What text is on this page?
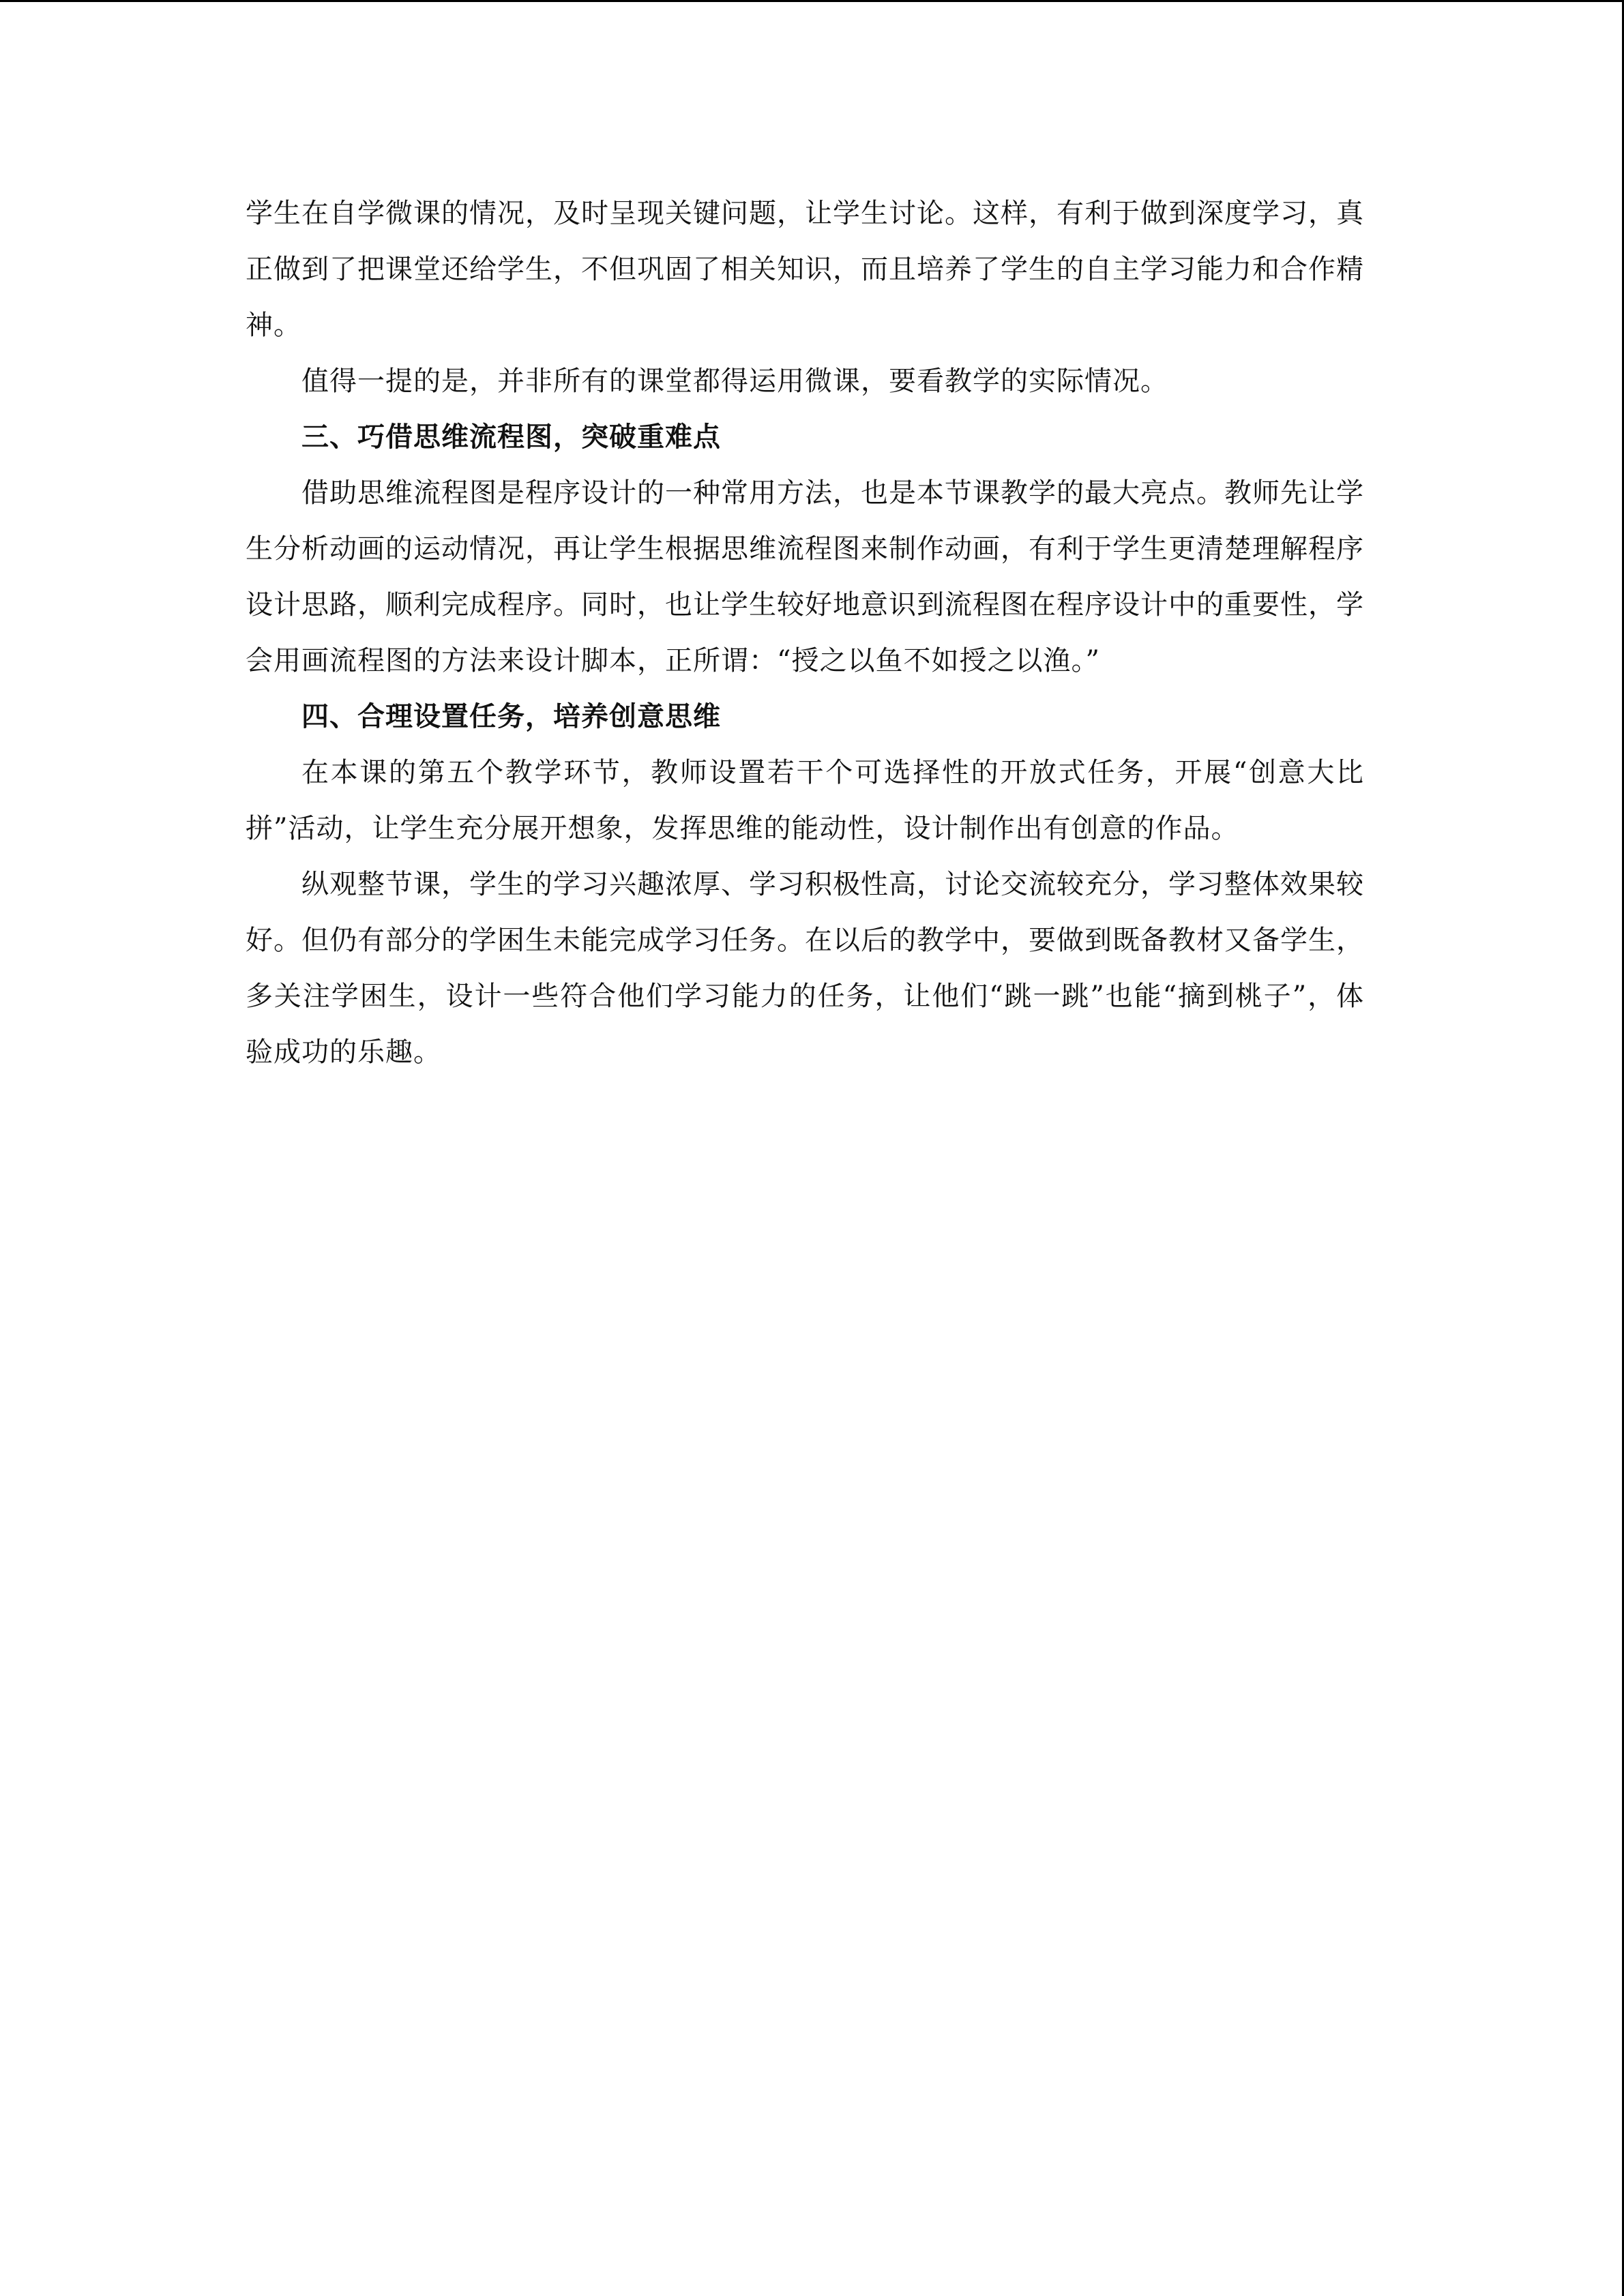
学生在自学微课的情况，及时呈现关键问题，让学生讨论。这样，有利于做到深度学习，真正做到了把课堂还给学生，不但巩固了相关知识，而且培养了学生的自主学习能力和合作精神。

值得一提的是，并非所有的课堂都得运用微课，要看教学的实际情况。

三、巧借思维流程图，突破重难点

借助思维流程图是程序设计的一种常用方法，也是本节课教学的最大亮点。教师先让学生分析动画的运动情况，再让学生根据思维流程图来制作动画，有利于学生更清楚理解程序设计思路，顺利完成程序。同时，也让学生较好地意识到流程图在程序设计中的重要性，学会用画流程图的方法来设计脚本，正所谓：“授之以鱼不如授之以渔。”

四、合理设置任务，培养创意思维

在本课的第五个教学环节，教师设置若干个可选择性的开放式任务，开展“创意大比拼”活动，让学生充分展开想象，发挥思维的能动性，设计制作出有创意的作品。

纵观整节课，学生的学习兴趣浓厚、学习积极性高，讨论交流较充分，学习整体效果较好。但仍有部分的学困生未能完成学习任务。在以后的教学中，要做到既备教材又备学生，多关注学困生，设计一些符合他们学习能力的任务，让他们“跳一跳”也能“摘到桃子”，体验成功的乐趣。
